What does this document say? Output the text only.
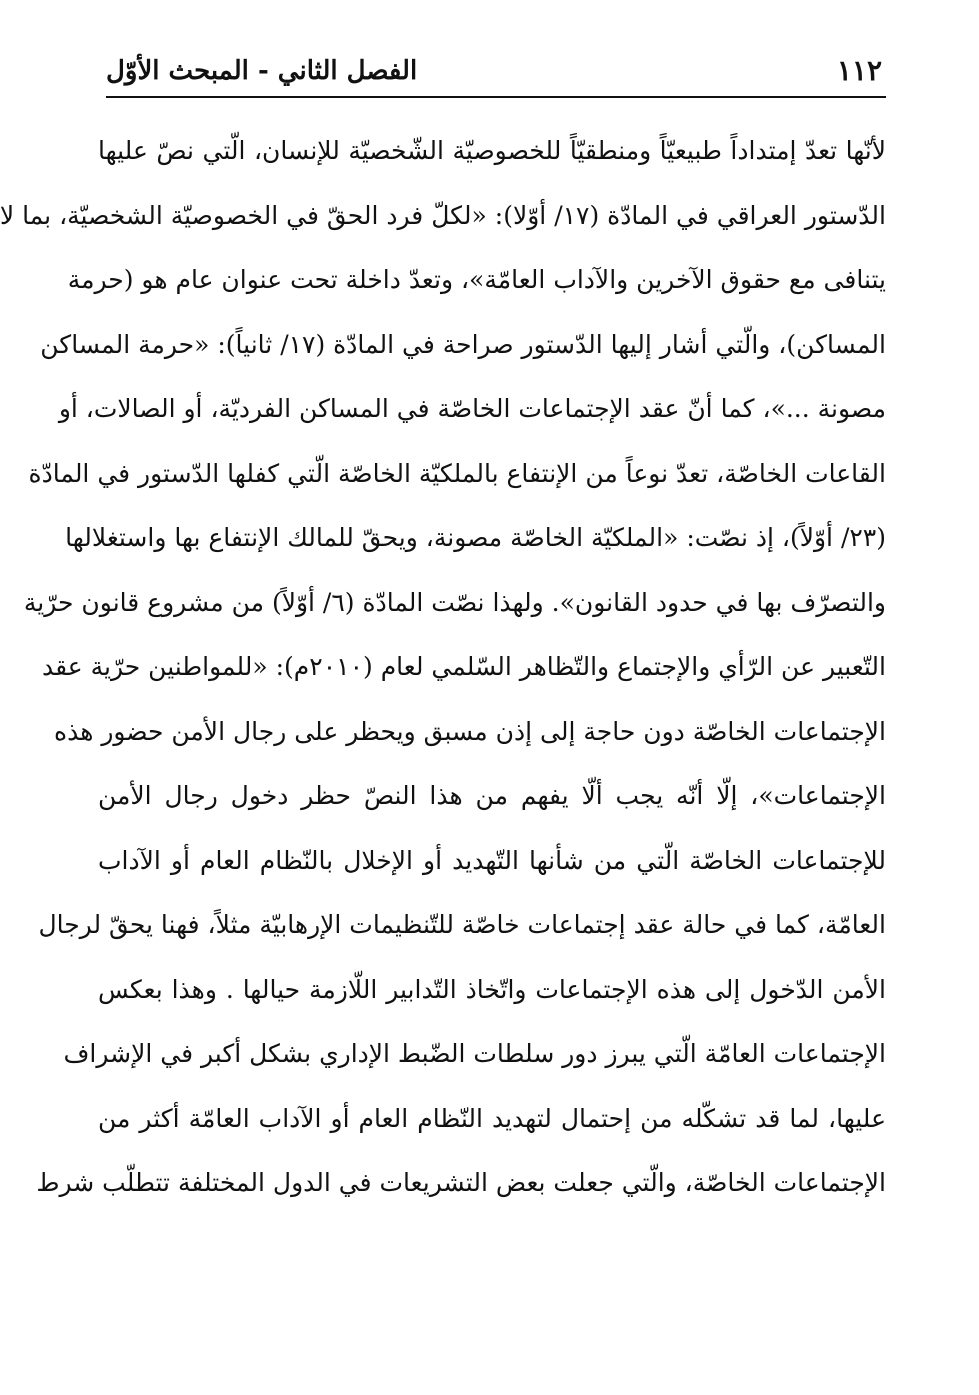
١١٢
الفصل الثاني - المبحث الأوّل
لأنّها تعدّ إمتداداً طبيعيّاً ومنطقيّاً للخصوصيّة الشّخصيّة للإنسان، الّتي نصّ عليها
الدّستور العراقي في المادّة (١٧/ أوّلا): «لكلّ فرد الحقّ في الخصوصيّة الشخصيّة، بما لا
يتنافى مع حقوق الآخرين والآداب العامّة»، وتعدّ داخلة تحت عنوان عام هو (حرمة
المساكن)، والّتي أشار إليها الدّستور صراحة في المادّة (١٧/ ثانياً): «حرمة المساكن
مصونة ...»، كما أنّ عقد الإجتماعات الخاصّة في المساكن الفرديّة، أو الصالات، أو
القاعات الخاصّة، تعدّ نوعاً من الإنتفاع بالملكيّة الخاصّة الّتي كفلها الدّستور في المادّة
(٢٣/ أوّلاً)، إذ نصّت: «الملكيّة الخاصّة مصونة، ويحقّ للمالك الإنتفاع بها واستغلالها
والتصرّف بها في حدود القانون». ولهذا نصّت المادّة (٦/ أوّلاً) من مشروع قانون حرّية
التّعبير عن الرّأي والإجتماع والتّظاهر السّلمي لعام (٢٠١٠م): «للمواطنين حرّية عقد
الإجتماعات الخاصّة دون حاجة إلى إذن مسبق ويحظر على رجال الأمن حضور هذه
الإجتماعات»، إلّا أنّه يجب ألّا يفهم من هذا النصّ حظر دخول رجال الأمن
للإجتماعات الخاصّة الّتي من شأنها التّهديد أو الإخلال بالنّظام العام أو الآداب
العامّة، كما في حالة عقد إجتماعات خاصّة للتّنظيمات الإرهابيّة مثلاً، فهنا يحقّ لرجال
الأمن الدّخول إلى هذه الإجتماعات واتّخاذ التّدابير اللّازمة حيالها . وهذا بعكس
الإجتماعات العامّة الّتي يبرز دور سلطات الضّبط الإداري بشكل أكبر في الإشراف
عليها، لما قد تشكّله من إحتمال لتهديد النّظام العام أو الآداب العامّة أكثر من
الإجتماعات الخاصّة، والّتي جعلت بعض التشريعات في الدول المختلفة تتطلّب شرط
